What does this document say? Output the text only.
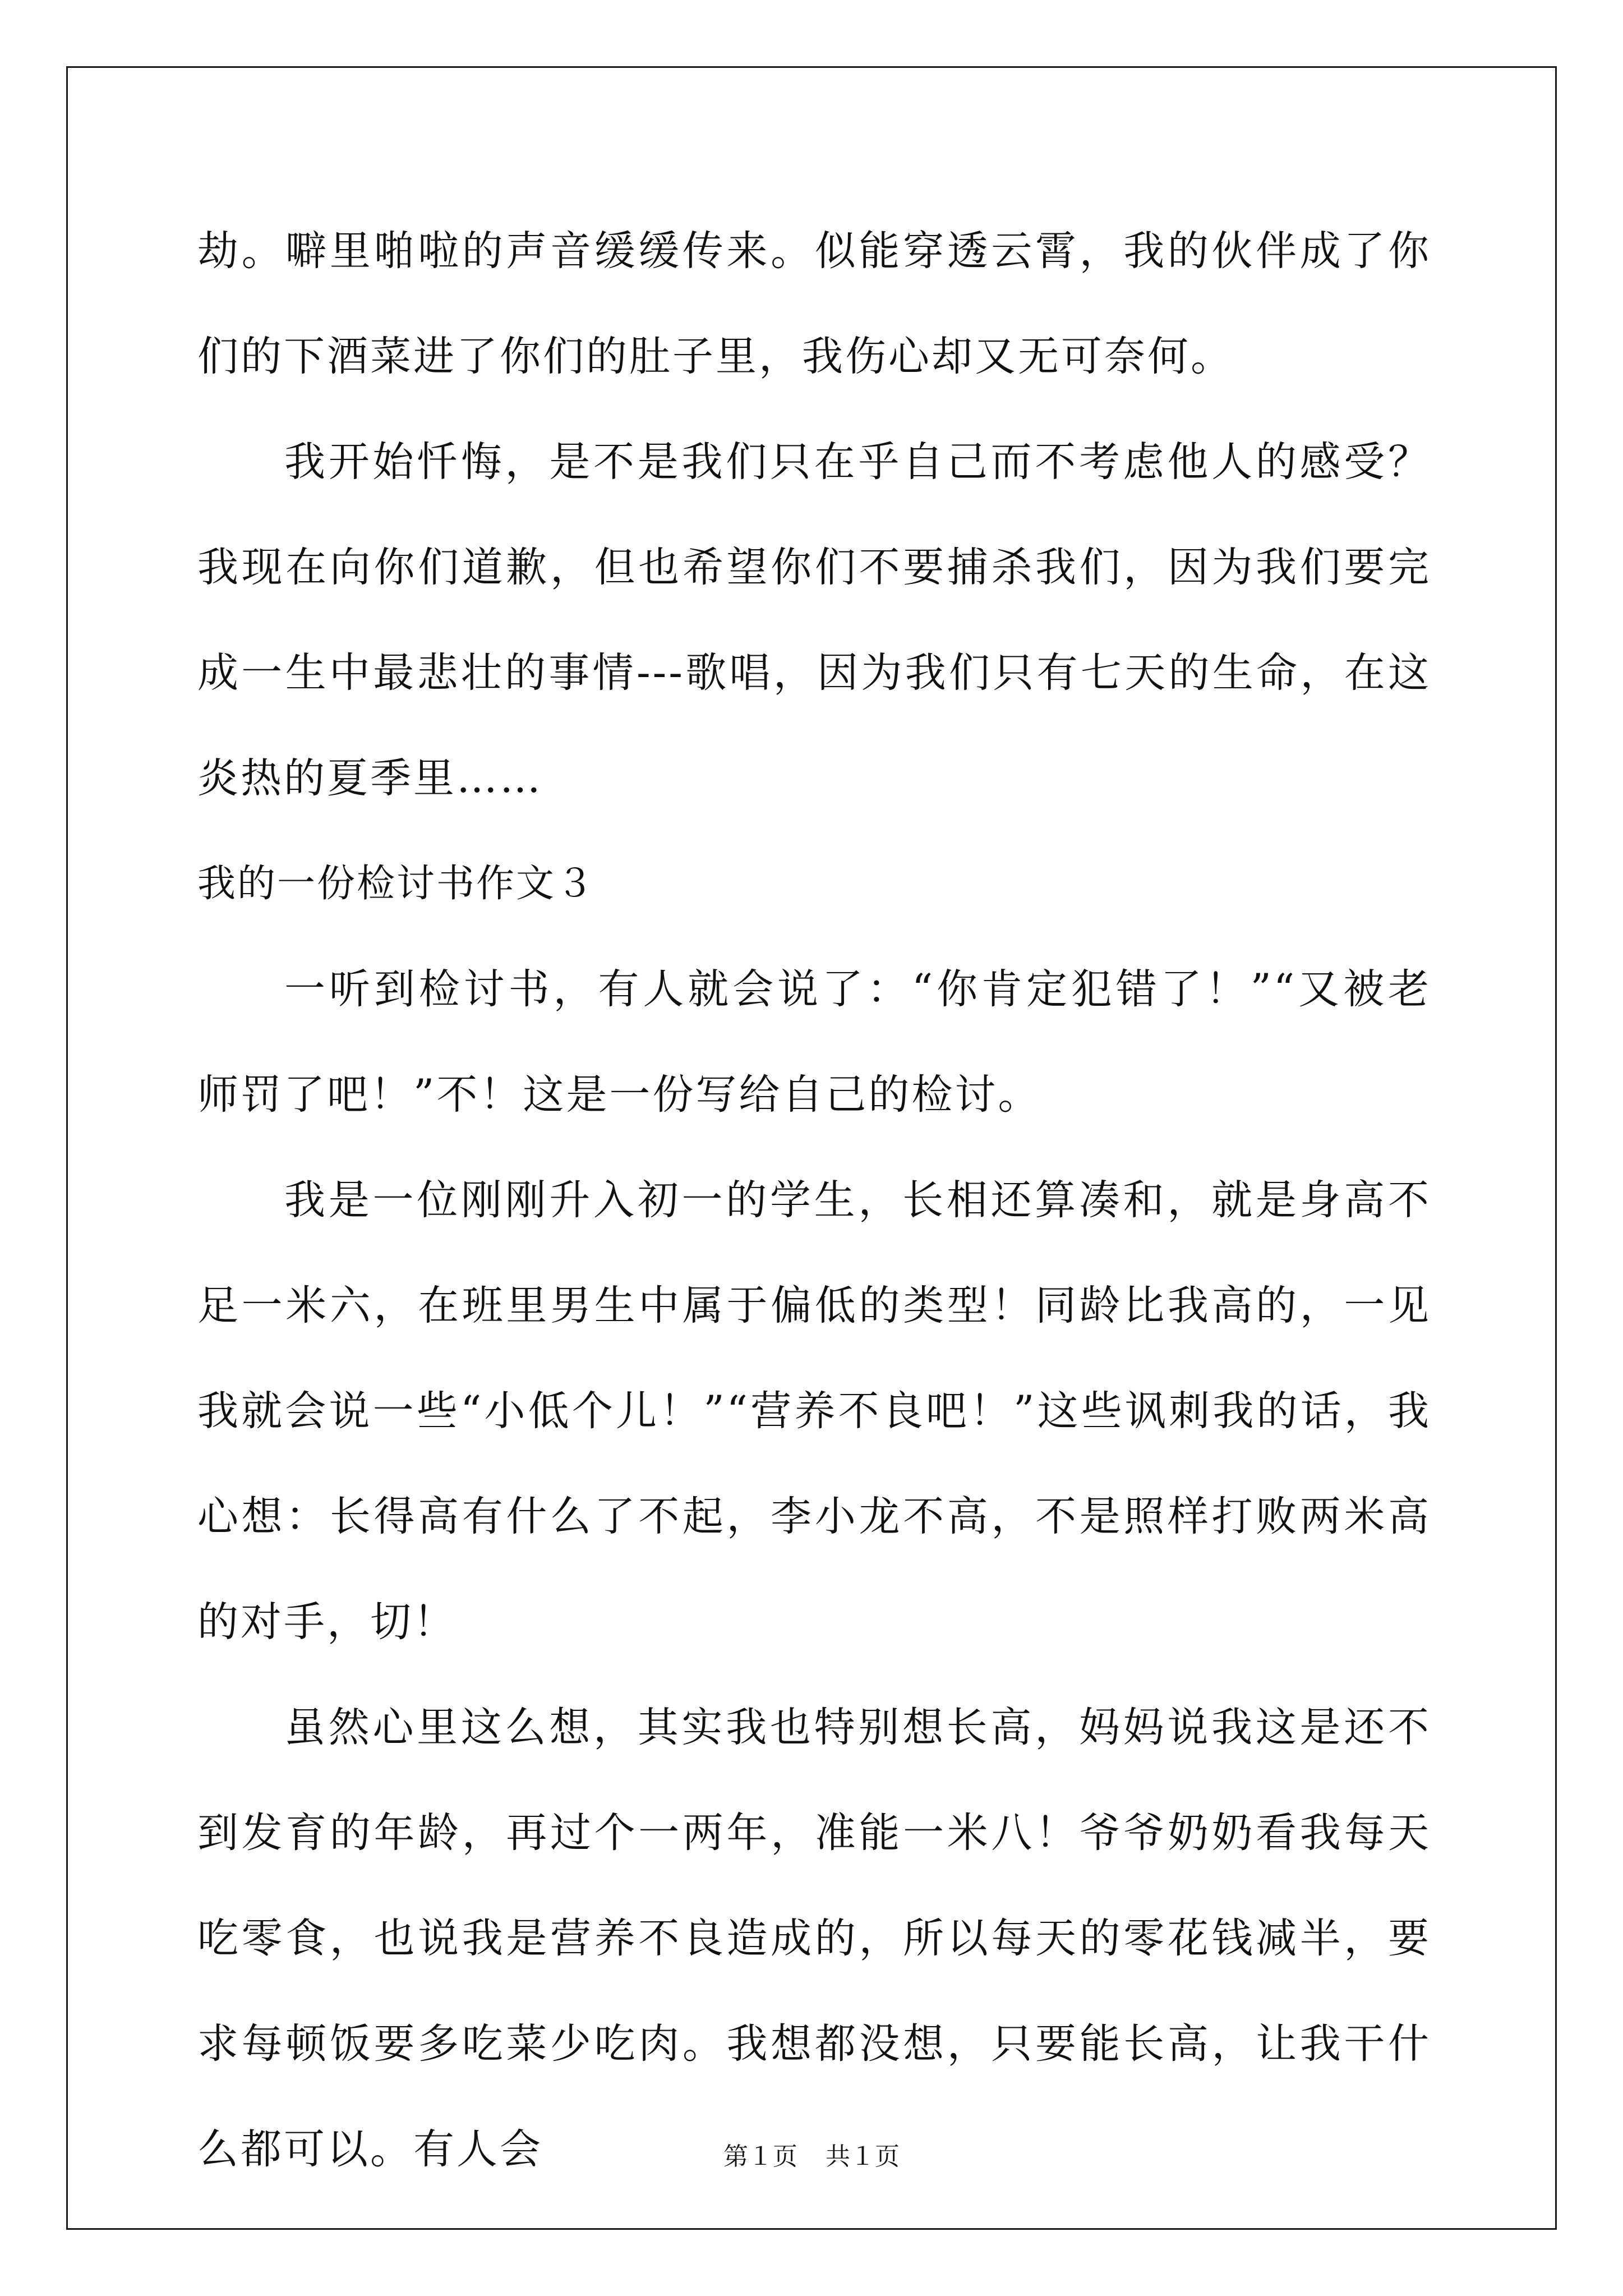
劫。噼里啪啦的声音缓缓传来。似能穿透云霄，我的伙伴成了你们的下酒菜进了你们的肚子里，我伤心却又无可奈何。

我开始忏悔，是不是我们只在乎自己而不考虑他人的感受？我现在向你们道歉，但也希望你们不要捕杀我们，因为我们要完成一生中最悲壮的事情---歌唱，因为我们只有七天的生命，在这炎热的夏季里……

我的一份检讨书作文３

一听到检讨书，有人就会说了：“你肯定犯错了！”“又被老师罚了吧！”不！这是一份写给自己的检讨。

我是一位刚刚升入初一的学生，长相还算凑和，就是身高不足一米六，在班里男生中属于偏低的类型！同龄比我高的，一见我就会说一些“小低个儿！”“营养不良吧！”这些讽刺我的话，我心想：长得高有什么了不起，李小龙不高，不是照样打败两米高的对手，切！

虽然心里这么想，其实我也特别想长高，妈妈说我这是还不到发育的年龄，再过个一两年，准能一米八！爷爷奶奶看我每天吃零食，也说我是营养不良造成的，所以每天的零花钱减半，要求每顿饭要多吃菜少吃肉。我想都没想，只要能长高，让我干什么都可以。有人会	第１页 共１页
